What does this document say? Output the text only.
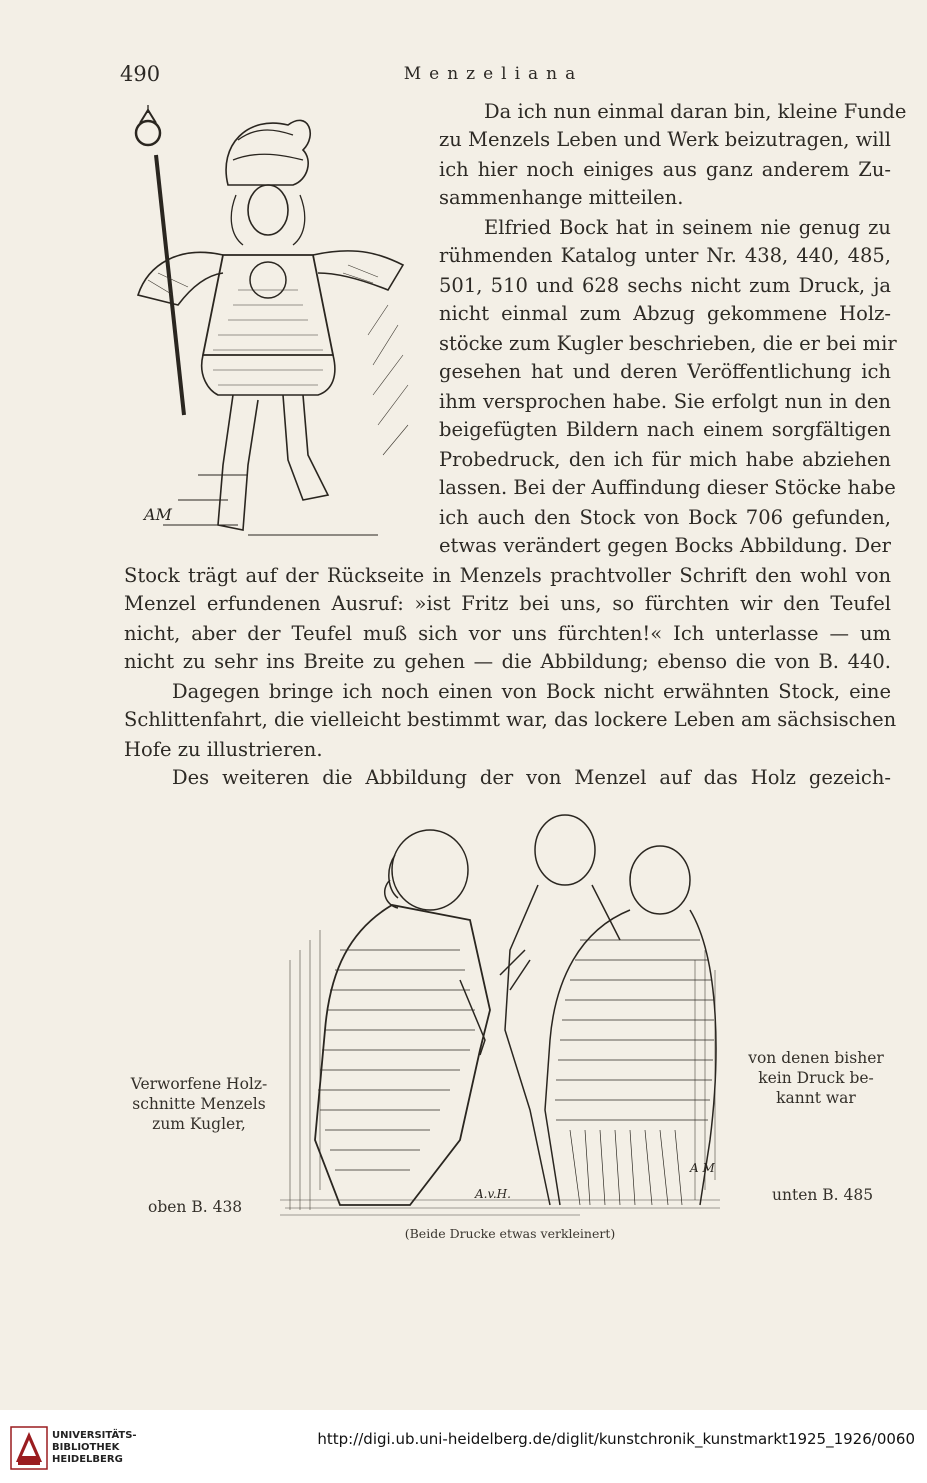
490	Menzeliana
AM
Da ich nun einmal daran bin, kleine Funde
zu Menzels Leben und Werk beizutragen, will
ich hier noch einiges aus ganz anderem Zu-
sammenhange mitteilen.
Elfried Bock hat in seinem nie genug zu
rühmenden Katalog unter Nr. 438, 440, 485,
501, 510 und 628 sechs nicht zum Druck, ja
nicht einmal zum Abzug gekommene Holz-
stöcke zum Kugler beschrieben, die er bei mir
gesehen hat und deren Veröffentlichung ich
ihm versprochen habe. Sie erfolgt nun in den
beigefügten Bildern nach einem sorgfältigen
Probedruck, den ich für mich habe abziehen
lassen. Bei der Auffindung dieser Stöcke habe
ich auch den Stock von Bock 706 gefunden,
etwas verändert gegen Bocks Abbildung. Der
Stock trägt auf der Rückseite in Menzels prachtvoller Schrift den wohl von
Menzel erfundenen Ausruf: »ist Fritz bei uns, so fürchten wir den Teufel
nicht, aber der Teufel muß sich vor uns fürchten!« Ich unterlasse — um
nicht zu sehr ins Breite zu gehen — die Abbildung; ebenso die von B. 440.
Dagegen bringe ich noch einen von Bock nicht erwähnten Stock, eine
Schlittenfahrt, die vielleicht bestimmt war, das lockere Leben am sächsischen
Hofe zu illustrieren.
Des weiteren die Abbildung der von Menzel auf das Holz gezeich-
A.v.H.
A M
Verworfene Holz-
schnitte Menzels
zum Kugler,
oben B. 438
von denen bisher
kein Druck be-
kannt war
unten B. 485
(Beide Drucke etwas verkleinert)
UNIVERSITÄTS-
BIBLIOTHEK
HEIDELBERG
http://digi.ub.uni-heidelberg.de/diglit/kunstchronik_kunstmarkt1925_1926/0060
